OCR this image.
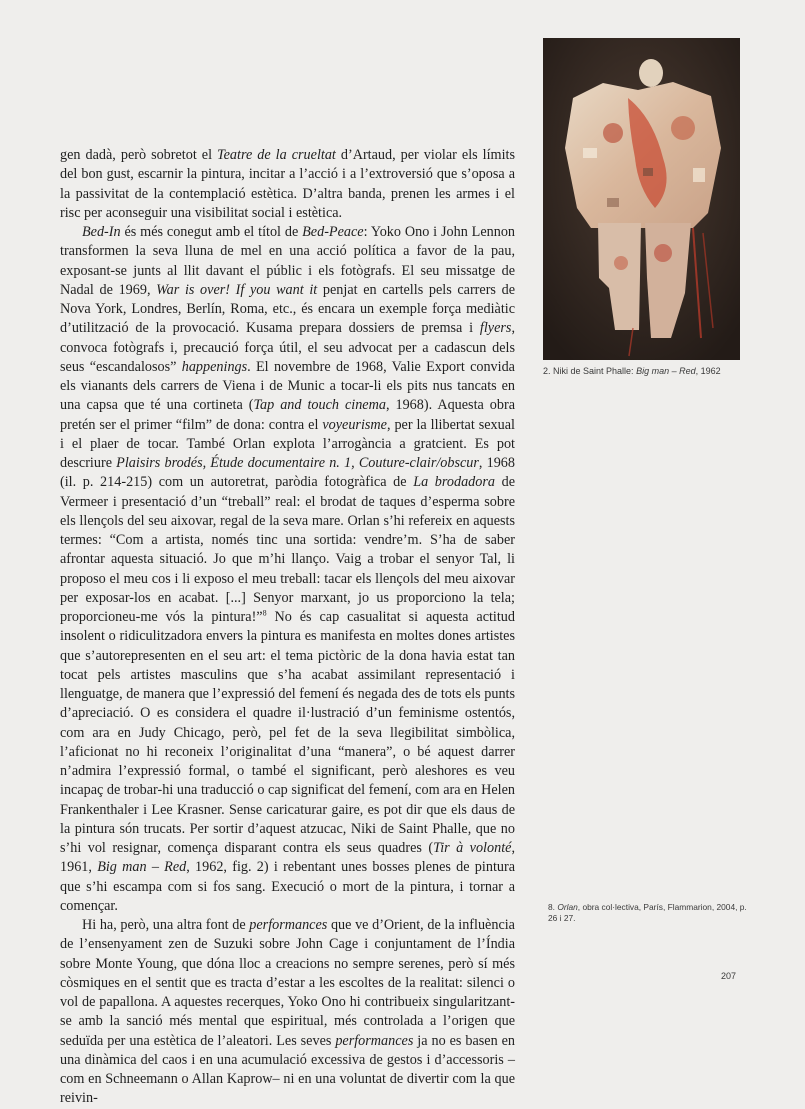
2. Niki de Saint Phalle: Big man – Red, 1962

gen dadà, però sobretot el Teatre de la crueltat d’Artaud, per violar els límits del bon gust, escarnir la pintura, incitar a l’acció i a l’extroversió que s’oposa a la passivitat de la contemplació estètica. D’altra banda, prenen les armes i el risc per aconseguir una visibilitat social i estètica.

Bed-In és més conegut amb el títol de Bed-Peace: Yoko Ono i John Lennon transformen la seva lluna de mel en una acció política a favor de la pau, exposant-se junts al llit davant el públic i els fotògrafs. El seu missatge de Nadal de 1969, War is over! If you want it penjat en cartells pels carrers de Nova York, Londres, Berlín, Roma, etc., és encara un exemple força mediàtic d’utilització de la provocació. Kusama prepara dossiers de premsa i flyers, convoca fotògrafs i, precaució força útil, el seu advocat per a cadascun dels seus “escandalosos” happenings. El novembre de 1968, Valie Export convida els vianants dels carrers de Viena i de Munic a tocar-li els pits nus tancats en una capsa que té una cortineta (Tap and touch cinema, 1968). Aquesta obra pretén ser el primer “film” de dona: contra el voyeurisme, per la llibertat sexual i el plaer de tocar. També Orlan explota l’arrogància a gratcient. Es pot descriure Plaisirs brodés, Étude documentaire n. 1, Couture-clair/obscur, 1968 (il. p. 214-215) com un autoretrat, paròdia fotogràfica de La brodadora de Vermeer i presentació d’un “treball” real: el brodat de taques d’esperma sobre els llençols del seu aixovar, regal de la seva mare. Orlan s’hi refereix en aquests termes: “Com a artista, només tinc una sortida: vendre’m. S’ha de saber afrontar aquesta situació. Jo que m’hi llanço. Vaig a trobar el senyor Tal, li proposo el meu cos i li exposo el meu treball: tacar els llençols del meu aixovar per exposar-los en acabat. [...] Senyor marxant, jo us proporciono la tela; proporcioneu-me vós la pintura!”$^8$ No és cap casualitat si aquesta actitud insolent o ridiculitzadora envers la pintura es manifesta en moltes dones artistes que s’autorepresenten en el seu art: el tema pictòric de la dona havia estat tan tocat pels artistes masculins que s’ha acabat assimilant representació i llenguatge, de manera que l’expressió del femení és negada des de tots els punts d’apreciació. O es considera el quadre il·lustració d’un feminisme ostentós, com ara en Judy Chicago, però, pel fet de la seva llegibilitat simbòlica, l’aficionat no hi reconeix l’originalitat d’una “manera”, o bé aquest darrer n’admira l’expressió formal, o també el significant, però aleshores es veu incapaç de trobar-hi una traducció o cap significat del femení, com ara en Helen Frankenthaler i Lee Krasner. Sense caricaturar gaire, es pot dir que els daus de la pintura són trucats. Per sortir d’aquest atzucac, Niki de Saint Phalle, que no s’hi vol resignar, comença disparant contra els seus quadres (Tir à volonté, 1961, Big man – Red, 1962, fig. 2) i rebentant unes bosses plenes de pintura que s’hi escampa com si fos sang. Execució o mort de la pintura, i tornar a començar.

Hi ha, però, una altra font de performances que ve d’Orient, de la influència de l’ensenyament zen de Suzuki sobre John Cage i conjuntament de l’Índia sobre Monte Young, que dóna lloc a creacions no sempre serenes, però sí més còsmiques en el sentit que es tracta d’estar a les escoltes de la realitat: silenci o vol de papallona. A aquestes recerques, Yoko Ono hi contribueix singularitzant-se amb la sanció més mental que espiritual, més controlada a l’origen que seduïda per una estètica de l’aleatori. Les seves performances ja no es basen en una dinàmica del caos i en una acumulació excessiva de gestos i d’accessoris –com en Schneemann o Allan Kaprow– ni en una voluntat de divertir com la que reivin-

8. Orlan, obra col·lectiva, París, Flammarion, 2004, p. 26 i 27.
207
